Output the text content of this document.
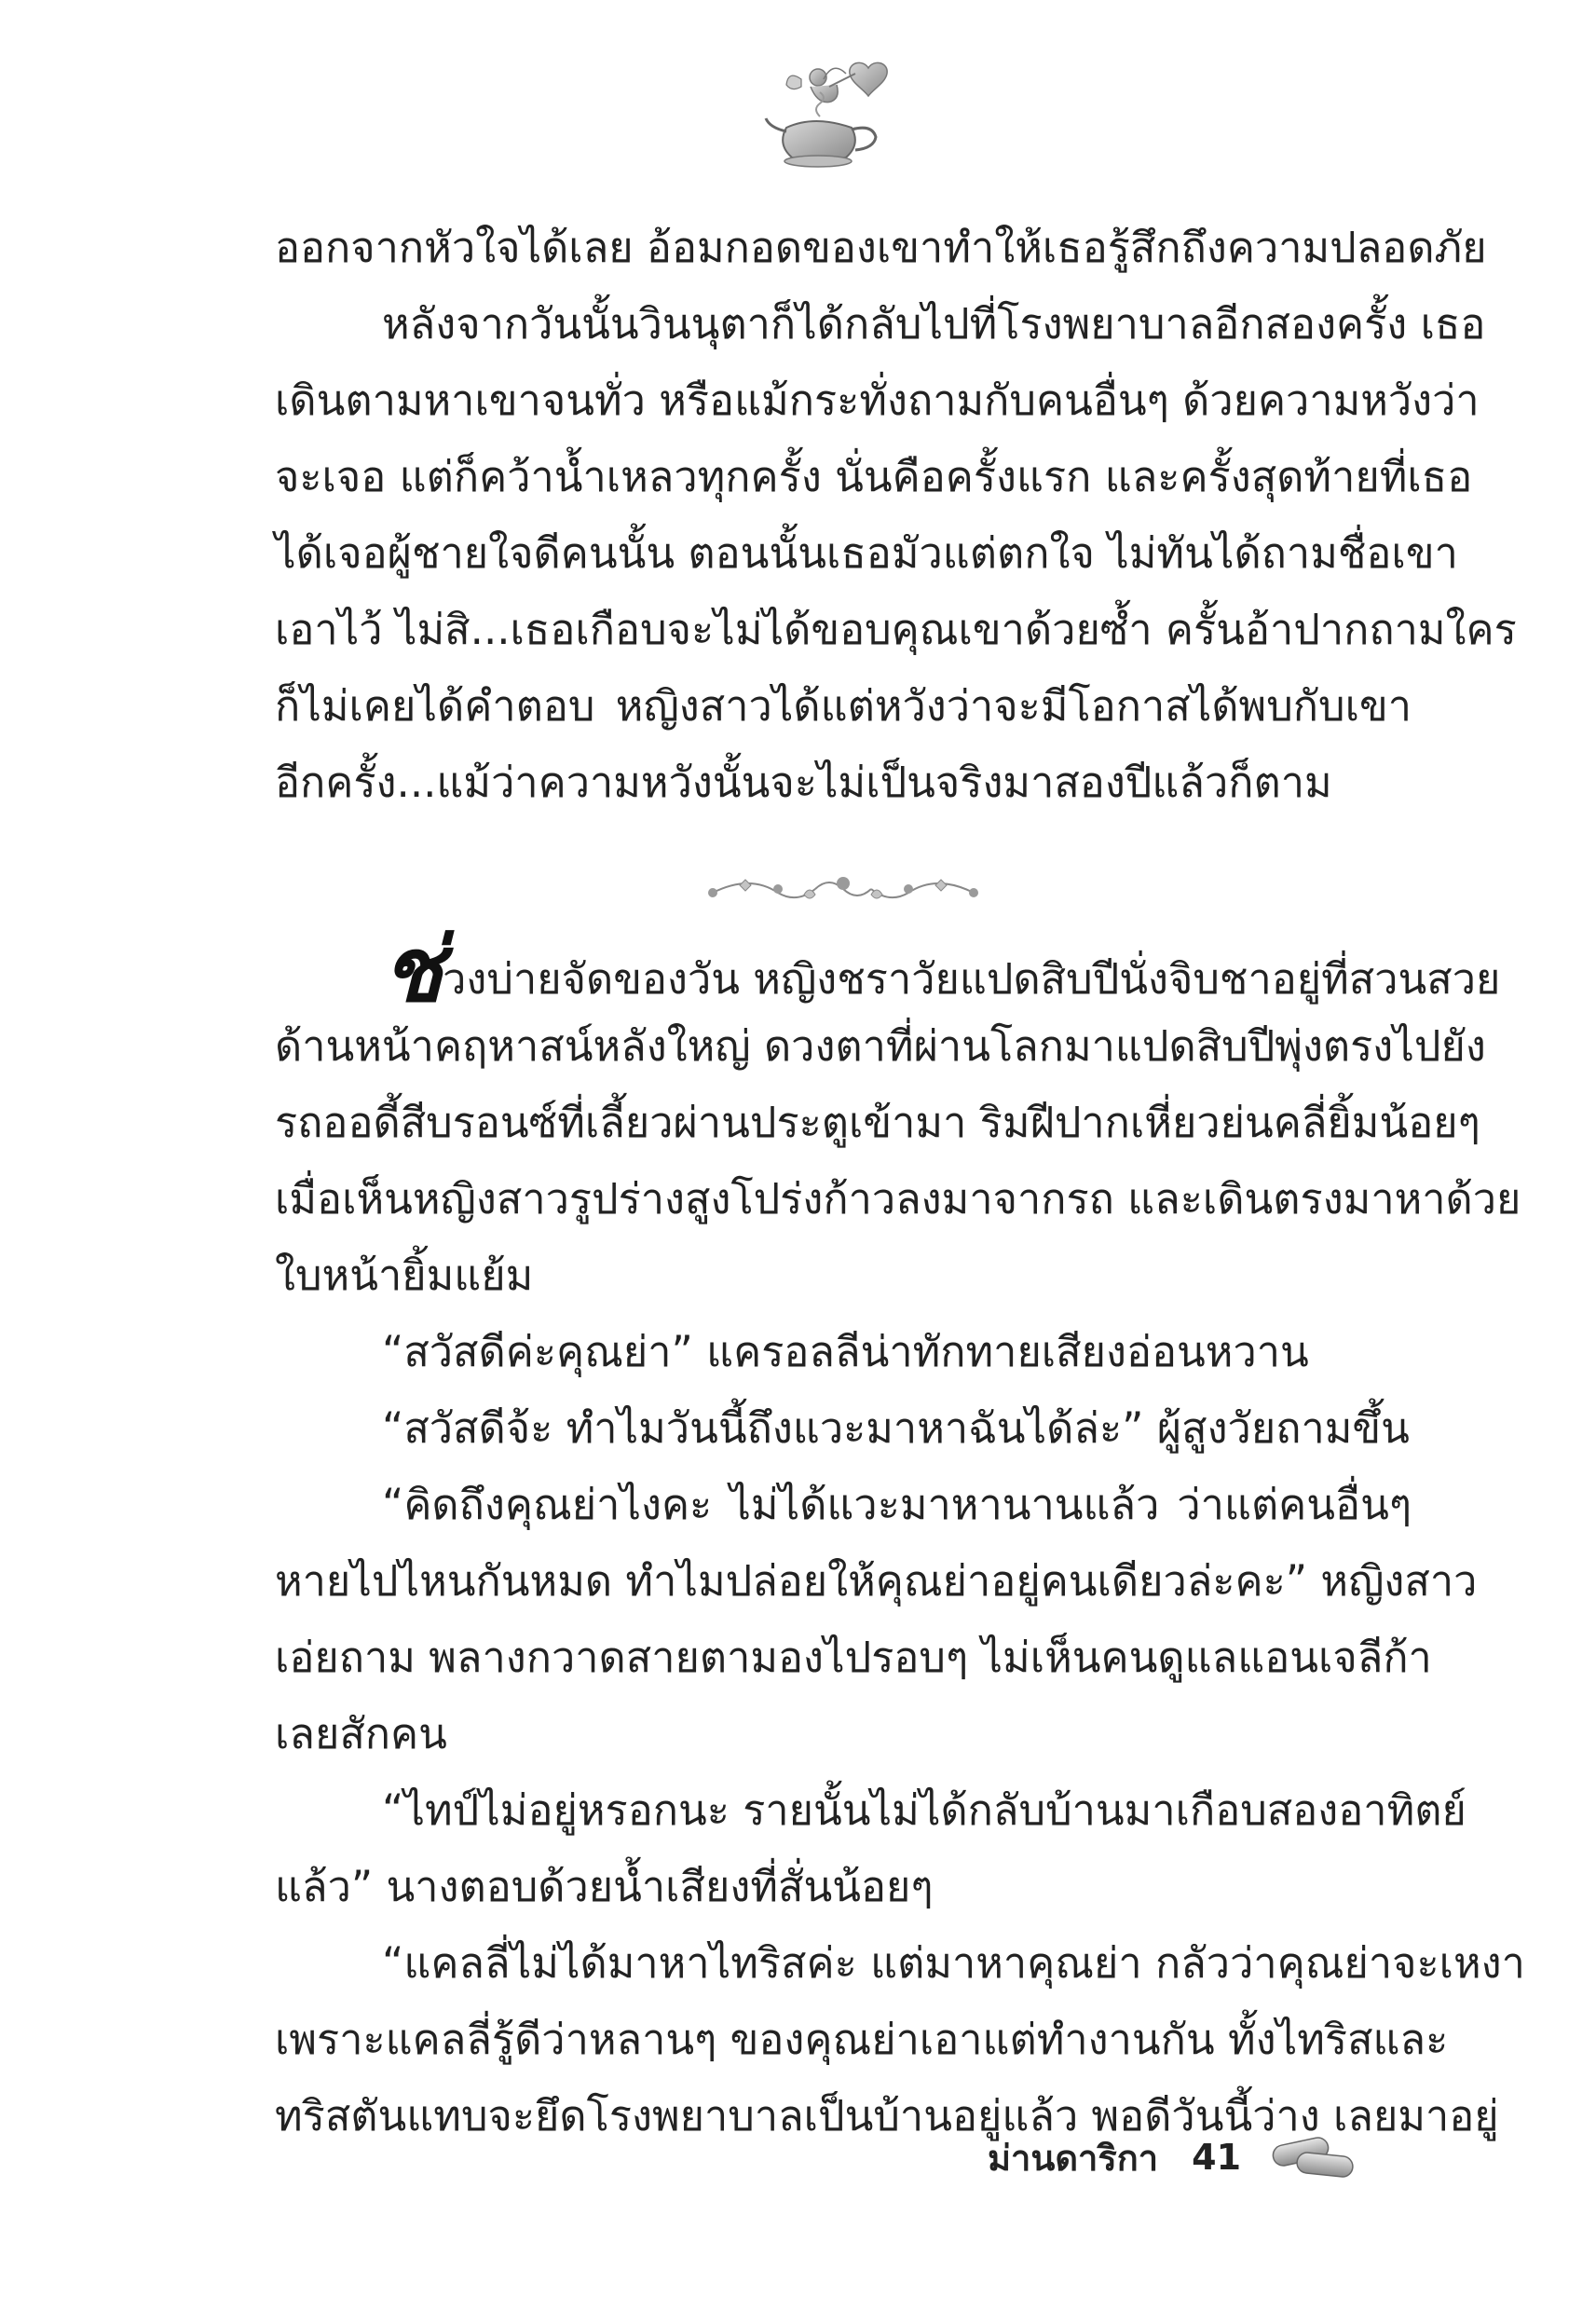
ออกจากหัวใจได้เลย อ้อมกอดของเขาทำให้เธอรู้สึกถึงความปลอดภัย
หลังจากวันนั้นวินนุตาก็ได้กลับไปที่โรงพยาบาลอีกสองครั้ง เธอ
เดินตามหาเขาจนทั่ว หรือแม้กระทั่งถามกับคนอื่นๆ ด้วยความหวังว่า
จะเจอ แต่ก็คว้าน้ำเหลวทุกครั้ง นั่นคือครั้งแรก และครั้งสุดท้ายที่เธอ
ได้เจอผู้ชายใจดีคนนั้น ตอนนั้นเธอมัวแต่ตกใจ ไม่ทันได้ถามชื่อเขา
เอาไว้ ไม่สิ...เธอเกือบจะไม่ได้ขอบคุณเขาด้วยซ้ำ ครั้นอ้าปากถามใคร
ก็ไม่เคยได้คำตอบ หญิงสาวได้แต่หวังว่าจะมีโอกาสได้พบกับเขา
อีกครั้ง...แม้ว่าความหวังนั้นจะไม่เป็นจริงมาสองปีแล้วก็ตาม
ช่วงบ่ายจัดของวัน หญิงชราวัยแปดสิบปีนั่งจิบชาอยู่ที่สวนสวย
ด้านหน้าคฤหาสน์หลังใหญ่ ดวงตาที่ผ่านโลกมาแปดสิบปีพุ่งตรงไปยัง
รถออดี้สีบรอนซ์ที่เลี้ยวผ่านประตูเข้ามา ริมฝีปากเหี่ยวย่นคลี่ยิ้มน้อยๆ
เมื่อเห็นหญิงสาวรูปร่างสูงโปร่งก้าวลงมาจากรถ และเดินตรงมาหาด้วย
ใบหน้ายิ้มแย้ม
“สวัสดีค่ะคุณย่า” แครอลลีน่าทักทายเสียงอ่อนหวาน
“สวัสดีจ้ะ ทำไมวันนี้ถึงแวะมาหาฉันได้ล่ะ” ผู้สูงวัยถามขึ้น
“คิดถึงคุณย่าไงคะ ไม่ได้แวะมาหานานแล้ว ว่าแต่คนอื่นๆ
หายไปไหนกันหมด ทำไมปล่อยให้คุณย่าอยู่คนเดียวล่ะคะ” หญิงสาว
เอ่ยถาม พลางกวาดสายตามองไปรอบๆ ไม่เห็นคนดูแลแอนเจลีก้า
เลยสักคน
“ไทป์ไม่อยู่หรอกนะ รายนั้นไม่ได้กลับบ้านมาเกือบสองอาทิตย์
แล้ว” นางตอบด้วยน้ำเสียงที่สั่นน้อยๆ
“แคลลี่ไม่ได้มาหาไทริสค่ะ แต่มาหาคุณย่า กลัวว่าคุณย่าจะเหงา
เพราะแคลลี่รู้ดีว่าหลานๆ ของคุณย่าเอาแต่ทำงานกัน ทั้งไทริสและ
ทริสตันแทบจะยึดโรงพยาบาลเป็นบ้านอยู่แล้ว พอดีวันนี้ว่าง เลยมาอยู่
ม่านดาริกา 41
